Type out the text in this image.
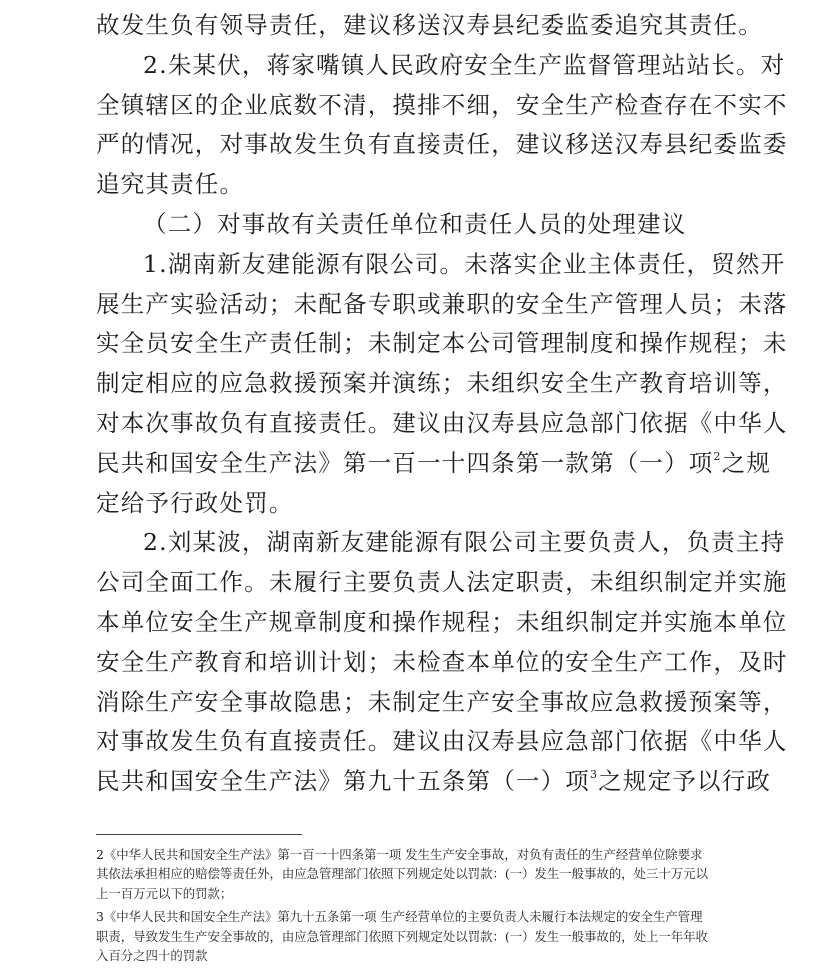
故发生负有领导责任，建议移送汉寿县纪委监委追究其责任。
2.朱某伏，蒋家嘴镇人民政府安全生产监督管理站站长。对
全镇辖区的企业底数不清，摸排不细，安全生产检查存在不实不
严的情况，对事故发生负有直接责任，建议移送汉寿县纪委监委
追究其责任。
（二）对事故有关责任单位和责任人员的处理建议
1.湖南新友建能源有限公司。未落实企业主体责任，贸然开
展生产实验活动；未配备专职或兼职的安全生产管理人员；未落
实全员安全生产责任制；未制定本公司管理制度和操作规程；未
制定相应的应急救援预案并演练；未组织安全生产教育培训等，
对本次事故负有直接责任。建议由汉寿县应急部门依据《中华人
民共和国安全生产法》第一百一十四条第一款第（一）项$^2$之规
定给予行政处罚。
2.刘某波，湖南新友建能源有限公司主要负责人，负责主持
公司全面工作。未履行主要负责人法定职责，未组织制定并实施
本单位安全生产规章制度和操作规程；未组织制定并实施本单位
安全生产教育和培训计划；未检查本单位的安全生产工作，及时
消除生产安全事故隐患；未制定生产安全事故应急救援预案等，
对事故发生负有直接责任。建议由汉寿县应急部门依据《中华人
民共和国安全生产法》第九十五条第（一）项$^3$之规定予以行政
2《中华人民共和国安全生产法》第一百一十四条第一项 发生生产安全事故，对负有责任的生产经营单位除要求
其依法承担相应的赔偿等责任外，由应急管理部门依照下列规定处以罚款：(一）发生一般事故的，处三十万元以
上一百万元以下的罚款；
3《中华人民共和国安全生产法》第九十五条第一项 生产经营单位的主要负责人未履行本法规定的安全生产管理
职责，导致发生生产安全事故的，由应急管理部门依照下列规定处以罚款：(一）发生一般事故的，处上一年年收
入百分之四十的罚款
